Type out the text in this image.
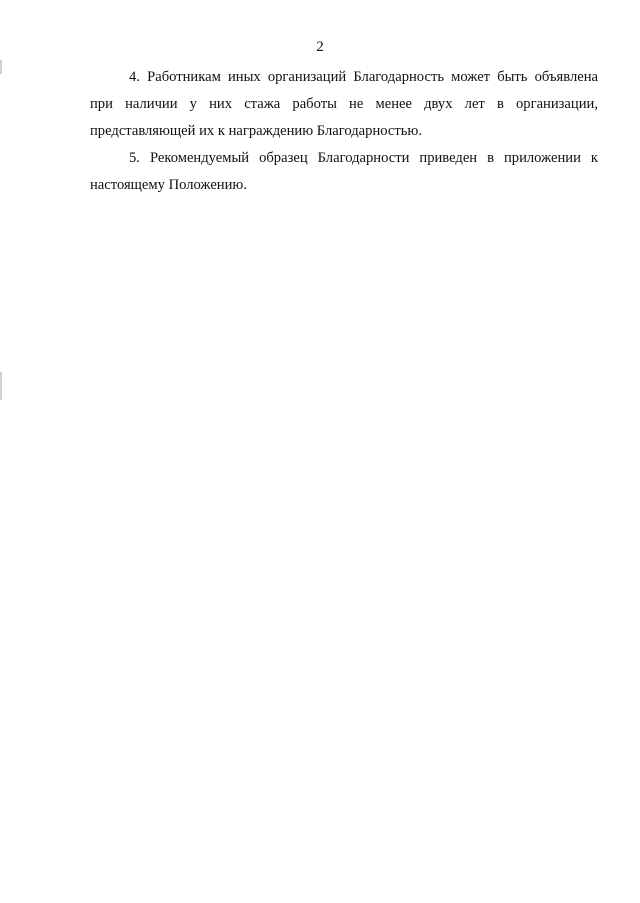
2

4. Работникам иных организаций Благодарность может быть объявлена при наличии у них стажа работы не менее двух лет в организации, представляющей их к награждению Благодарностью.

5. Рекомендуемый образец Благодарности приведен в приложении к настоящему Положению.
